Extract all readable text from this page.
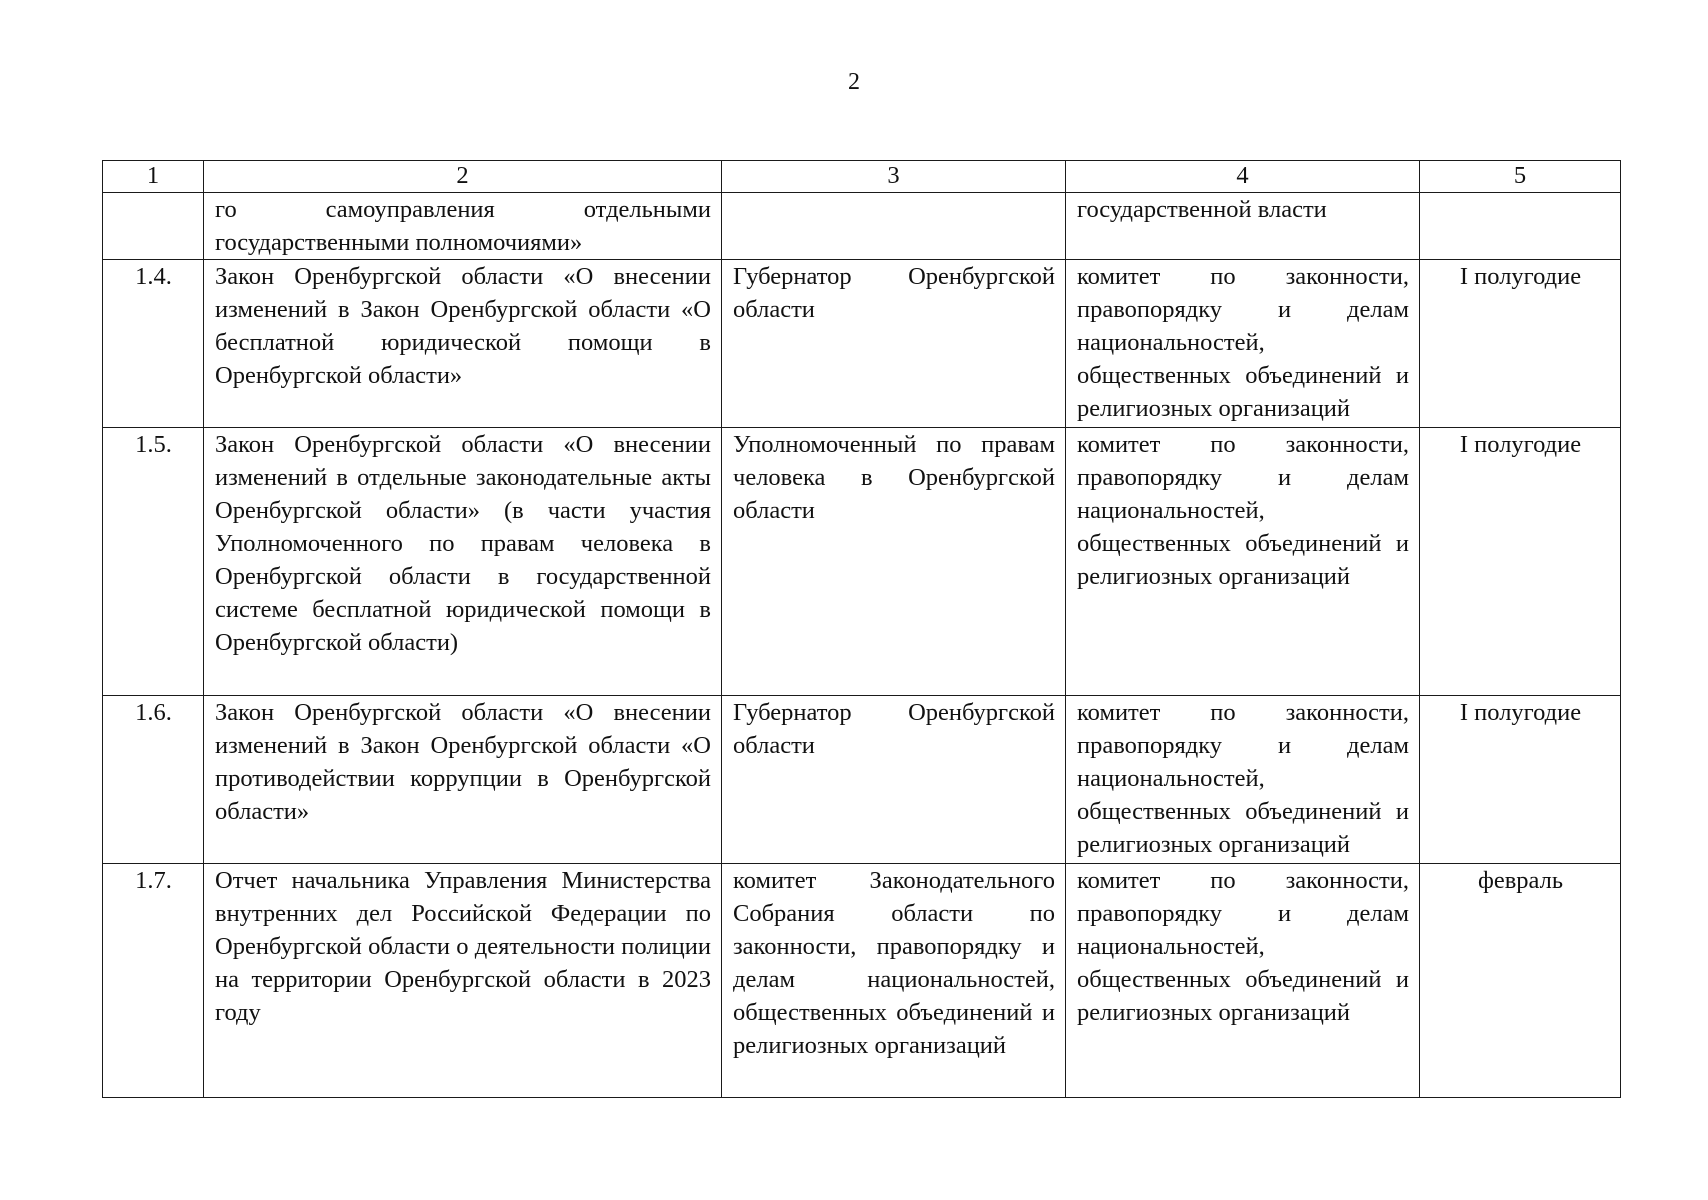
2
1	2	3	4	5
	го самоуправления отдельными государственными полномочиями»		государственной власти	
1.4.	Закон Оренбургской области «О внесении изменений в Закон Оренбургской области «О бесплатной юридической помощи в Оренбургской области»	Губернатор Оренбургской области	комитет по законности, правопорядку и делам национальностей, общественных объединений и религиозных организаций	I полугодие
1.5.	Закон Оренбургской области «О внесении изменений в отдельные законодательные акты Оренбургской области» (в части участия Уполномоченного по правам человека в Оренбургской области в государственной системе бесплатной юридической помощи в Оренбургской области)	Уполномоченный по правам человека в Оренбургской области	комитет по законности, правопорядку и делам национальностей, общественных объединений и религиозных организаций	I полугодие
1.6.	Закон Оренбургской области «О внесении изменений в Закон Оренбургской области «О противодействии коррупции в Оренбургской области»	Губернатор Оренбургской области	комитет по законности, правопорядку и делам национальностей, общественных объединений и религиозных организаций	I полугодие
1.7.	Отчет начальника Управления Министерства внутренних дел Российской Федерации по Оренбургской области о деятельности полиции на территории Оренбургской области в 2023 году	комитет Законодательного Собрания области по законности, правопорядку и делам национальностей, общественных объединений и религиозных организаций	комитет по законности, правопорядку и делам национальностей, общественных объединений и религиозных организаций	февраль
